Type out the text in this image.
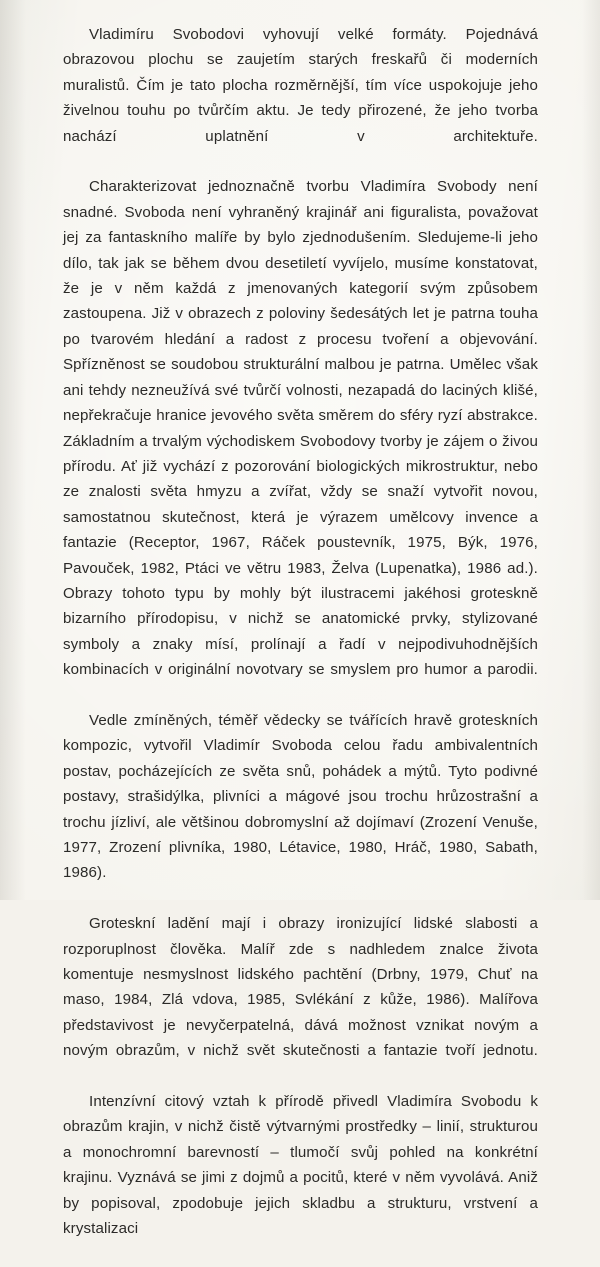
Vladimíru Svobodovi vyhovují velké formáty. Pojednává obrazovou plochu se zaujetím starých freskařů či moderních muralistů. Čím je tato plocha rozměrnější, tím více uspokojuje jeho živelnou touhu po tvůrčím aktu. Je tedy přirozené, že jeho tvorba nachází uplatnění v architektuře.

Charakterizovat jednoznačně tvorbu Vladimíra Svobody není snadné. Svoboda není vyhraněný krajinář ani figuralista, považovat jej za fantaskního malíře by bylo zjednodušením. Sledujeme-li jeho dílo, tak jak se během dvou desetiletí vyvíjelo, musíme konstatovat, že je v něm každá z jmenovaných kategorií svým způsobem zastoupena. Již v obrazech z poloviny šedesátých let je patrna touha po tvarovém hledání a radost z procesu tvoření a objevování. Spřízněnost se soudobou strukturální malbou je patrna. Umělec však ani tehdy nezneužívá své tvůrčí volnosti, nezapadá do laciných klišé, nepřekračuje hranice jevového světa směrem do sféry ryzí abstrakce. Základním a trvalým východiskem Svobodovy tvorby je zájem o živou přírodu. Ať již vychází z pozorování biologických mikrostruktur, nebo ze znalosti světa hmyzu a zvířat, vždy se snaží vytvořit novou, samostatnou skutečnost, která je výrazem umělcovy invence a fantazie (Receptor, 1967, Ráček poustevník, 1975, Býk, 1976, Pavouček, 1982, Ptáci ve větru 1983, Želva (Lupenatka), 1986 ad.). Obrazy tohoto typu by mohly být ilustracemi jakéhosi groteskně bizarního přírodopisu, v nichž se anatomické prvky, stylizované symboly a znaky mísí, prolínají a řadí v nejpodivuhodnějších kombinacích v originální novotvary se smyslem pro humor a parodii.

Vedle zmíněných, téměř vědecky se tvářících hravě groteskních kompozic, vytvořil Vladimír Svoboda celou řadu ambivalentních postav, pocházejících ze světa snů, pohádek a mýtů. Tyto podivné postavy, strašidýlka, plivníci a mágové jsou trochu hrůzostrašní a trochu jízliví, ale většinou dobromyslní až dojímaví (Zrození Venuše, 1977, Zrození plivníka, 1980, Létavice, 1980, Hráč, 1980, Sabath, 1986).

Groteskní ladění mají i obrazy ironizující lidské slabosti a rozporuplnost člověka. Malíř zde s nadhledem znalce života komentuje nesmyslnost lidského pachtění (Drbny, 1979, Chuť na maso, 1984, Zlá vdova, 1985, Svlékání z kůže, 1986). Malířova představivost je nevyčerpatelná, dává možnost vznikat novým a novým obrazům, v nichž svět skutečnosti a fantazie tvoří jednotu.

Intenzívní citový vztah k přírodě přivedl Vladimíra Svobodu k obrazům krajin, v nichž čistě výtvarnými prostředky – linií, strukturou a monochromní barevností – tlumočí svůj pohled na konkrétní krajinu. Vyznává se jimi z dojmů a pocitů, které v něm vyvolává. Aniž by popisoval, zpodobuje jejich skladbu a strukturu, vrstvení a krystalizaci
